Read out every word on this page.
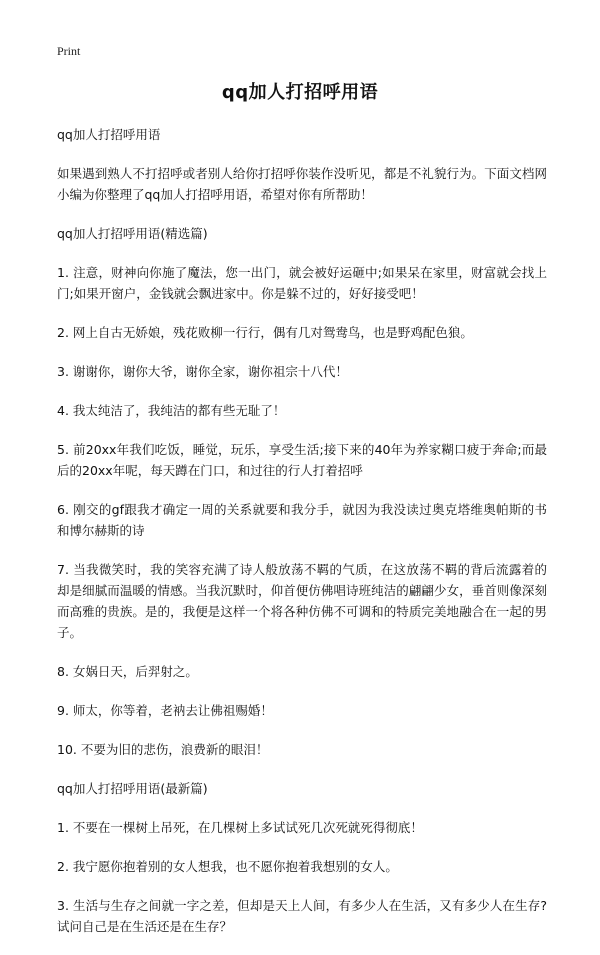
Print
qq加人打招呼用语

qq加人打招呼用语

如果遇到熟人不打招呼或者别人给你打招呼你装作没听见，都是不礼貌行为。下面文档网小编为你整理了qq加人打招呼用语，希望对你有所帮助！

qq加人打招呼用语(精选篇)

1. 注意，财神向你施了魔法，您一出门，就会被好运砸中;如果呆在家里，财富就会找上门;如果开窗户，金钱就会飘进家中。你是躲不过的，好好接受吧！

2. 网上自古无娇娘，残花败柳一行行，偶有几对鸳鸯鸟，也是野鸡配色狼。

3. 谢谢你，谢你大爷，谢你全家，谢你祖宗十八代！

4. 我太纯洁了，我纯洁的都有些无耻了！

5. 前20xx年我们吃饭，睡觉，玩乐，享受生活;接下来的40年为养家糊口疲于奔命;而最后的20xx年呢，每天蹲在门口，和过往的行人打着招呼

6. 刚交的gf跟我才确定一周的关系就要和我分手，就因为我没读过奥克塔维奥帕斯的书和博尔赫斯的诗

7. 当我微笑时，我的笑容充满了诗人般放荡不羁的气质，在这放荡不羁的背后流露着的却是细腻而温暖的情感。当我沉默时，仰首便仿佛唱诗班纯洁的翩翩少女，垂首则像深刻而高雅的贵族。是的，我便是这样一个将各种仿佛不可调和的特质完美地融合在一起的男子。

8. 女娲日天，后羿射之。

9. 师太，你等着，老衲去让佛祖赐婚！

10. 不要为旧的悲伤，浪费新的眼泪！

qq加人打招呼用语(最新篇)

1. 不要在一棵树上吊死，在几棵树上多试试死几次死就死得彻底！

2. 我宁愿你抱着别的女人想我，也不愿你抱着我想别的女人。

3. 生活与生存之间就一字之差，但却是天上人间，有多少人在生活，又有多少人在生存?试问自己是在生活还是在生存？
